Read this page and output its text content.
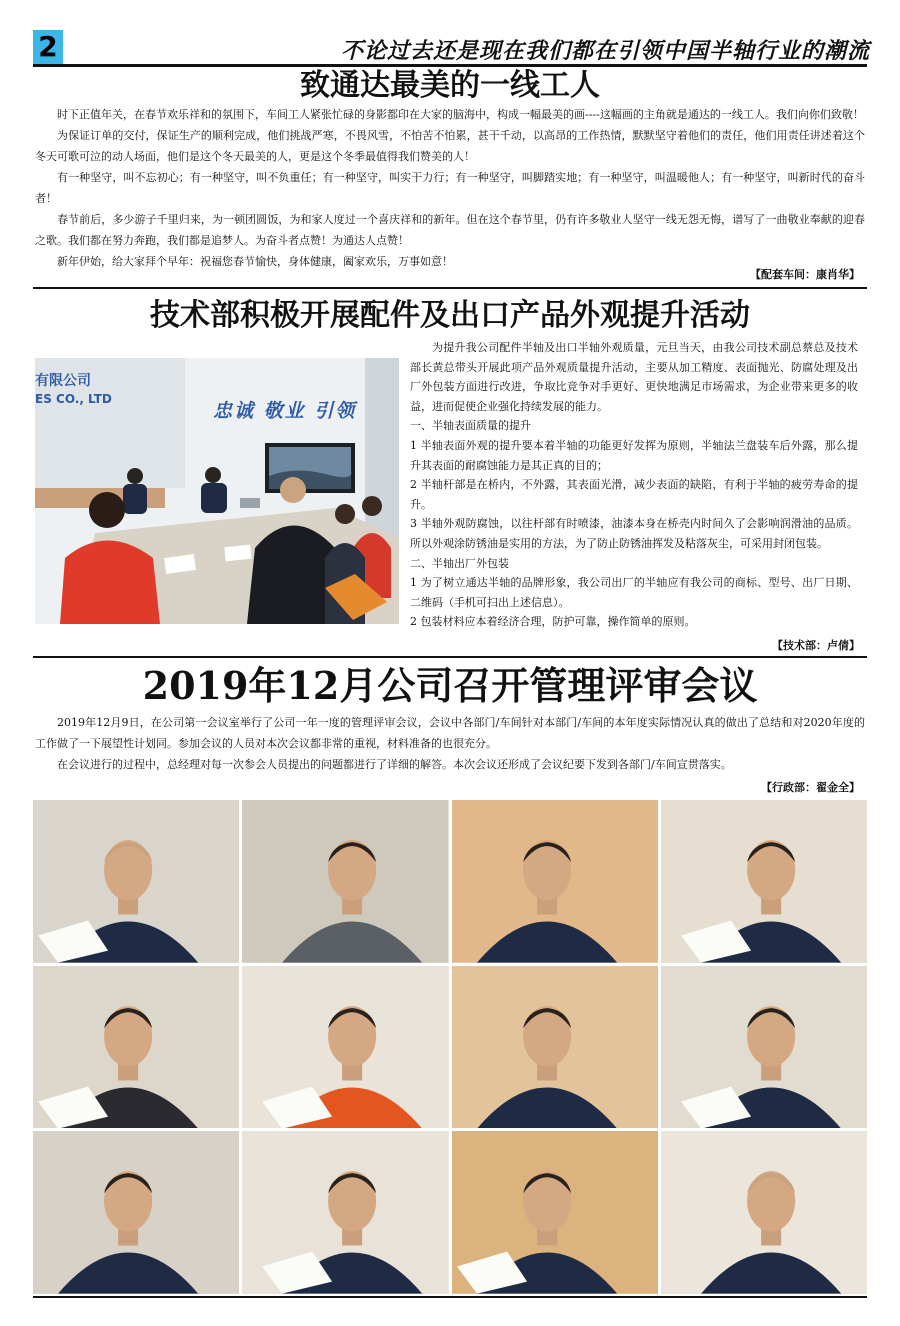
2	不论过去还是现在我们都在引领中国半轴行业的潮流
致通达最美的一线工人

时下正值年关，在春节欢乐祥和的氛围下，车间工人紧张忙碌的身影都印在大家的脑海中，构成一幅最美的画----这幅画的主角就是通达的一线工人。我们向你们致敬！

为保证订单的交付，保证生产的顺利完成，他们挑战严寒，不畏风雪，不怕苦不怕累，甚干千动，以高昂的工作热情，默默坚守着他们的责任，他们用责任讲述着这个冬天可歌可泣的动人场面，他们是这个冬天最美的人，更是这个冬季最值得我们赞美的人！

有一种坚守，叫不忘初心；有一种坚守，叫不负重任；有一种坚守，叫实干力行；有一种坚守，叫脚踏实地；有一种坚守，叫温暖他人；有一种坚守，叫新时代的奋斗者！

春节前后，多少游子千里归来，为一顿团圆饭，为和家人度过一个喜庆祥和的新年。但在这个春节里，仍有许多敬业人坚守一线无怨无悔，谱写了一曲敬业奉献的迎春之歌。我们都在努力奔跑，我们都是追梦人。为奋斗者点赞！为通达人点赞！

新年伊始，给大家拜个早年：祝福您春节愉快，身体健康，阖家欢乐，万事如意！

【配套车间：康肖华】
技术部积极开展配件及出口产品外观提升活动
有限公司
ES CO., LTD
忠诚 敬业 引领

为提升我公司配件半轴及出口半轴外观质量，元旦当天，由我公司技术副总蔡总及技术部长黄总带头开展此项产品外观质量提升活动，主要从加工精度、表面抛光、防腐处理及出厂外包装方面进行改进，争取比竞争对手更好、更快地满足市场需求，为企业带来更多的收益，进而促使企业强化持续发展的能力。

一、半轴表面质量的提升

1 半轴表面外观的提升要本着半轴的功能更好发挥为原则，半轴法兰盘装车后外露，那么提升其表面的耐腐蚀能力是其正真的目的；

2 半轴杆部是在桥内，不外露，其表面光滑，减少表面的缺陷，有利于半轴的疲劳寿命的提升。

3 半轴外观防腐蚀，以往杆部有时喷漆，油漆本身在桥壳内时间久了会影响润滑油的品质。所以外观涂防锈油是实用的方法，为了防止防锈油挥发及粘落灰尘，可采用封闭包装。

二、半轴出厂外包装

1 为了树立通达半轴的品牌形象，我公司出厂的半轴应有我公司的商标、型号、出厂日期、二维码（手机可扫出上述信息）。

2 包装材料应本着经济合理，防护可靠，操作简单的原则。

【技术部：卢倩】
2019年12月公司召开管理评审会议

2019年12月9日，在公司第一会议室举行了公司一年一度的管理评审会议，会议中各部门/车间针对本部门/车间的本年度实际情况认真的做出了总结和对2020年度的工作做了一下展望性计划同。参加会议的人员对本次会议都非常的重视，材料准备的也很充分。

在会议进行的过程中，总经理对每一次参会人员提出的问题都进行了详细的解答。本次会议还形成了会议纪要下发到各部门/车间宣贯落实。

【行政部：翟金全】
